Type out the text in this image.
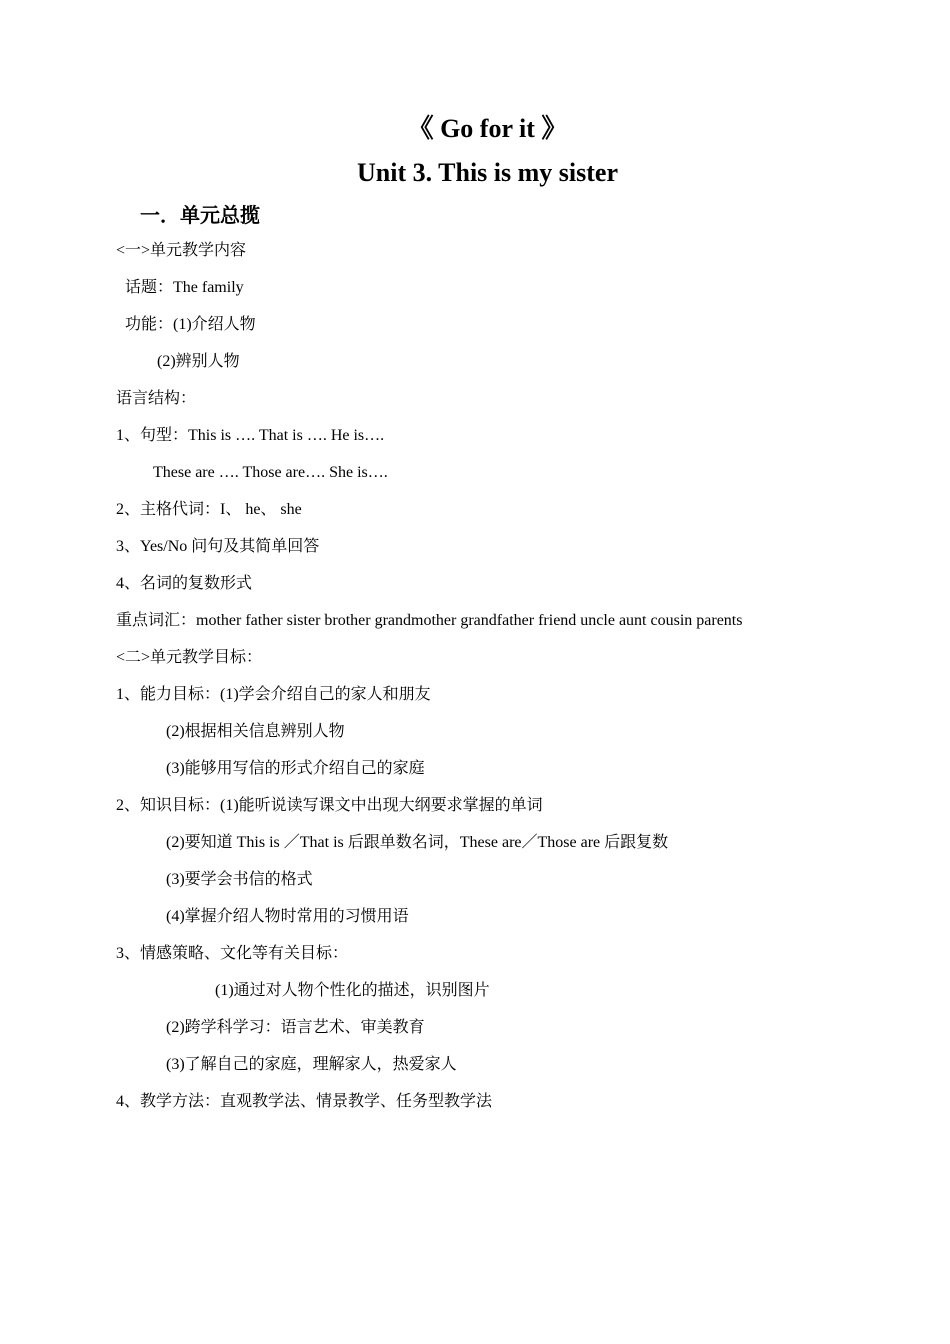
《 Go for it 》
Unit 3. This is my sister
一．单元总揽
<一>单元教学内容
话题：The family
功能：(1)介绍人物
(2)辨别人物
语言结构：
1、句型：This is …. That is …. He is….
These are …. Those are…. She is….
2、主格代词：I、 he、 she
3、Yes/No 问句及其简单回答
4、名词的复数形式
重点词汇：mother father sister brother grandmother grandfather friend uncle aunt cousin parents
<二>单元教学目标：
1、能力目标：(1)学会介绍自己的家人和朋友
(2)根据相关信息辨别人物
(3)能够用写信的形式介绍自己的家庭
2、知识目标：(1)能听说读写课文中出现大纲要求掌握的单词
(2)要知道 This is ／That is 后跟单数名词，These are／Those are 后跟复数
(3)要学会书信的格式
(4)掌握介绍人物时常用的习惯用语
3、情感策略、文化等有关目标：
(1)通过对人物个性化的描述，识别图片
(2)跨学科学习：语言艺术、审美教育
(3)了解自己的家庭，理解家人，热爱家人
4、教学方法：直观教学法、情景教学、任务型教学法
